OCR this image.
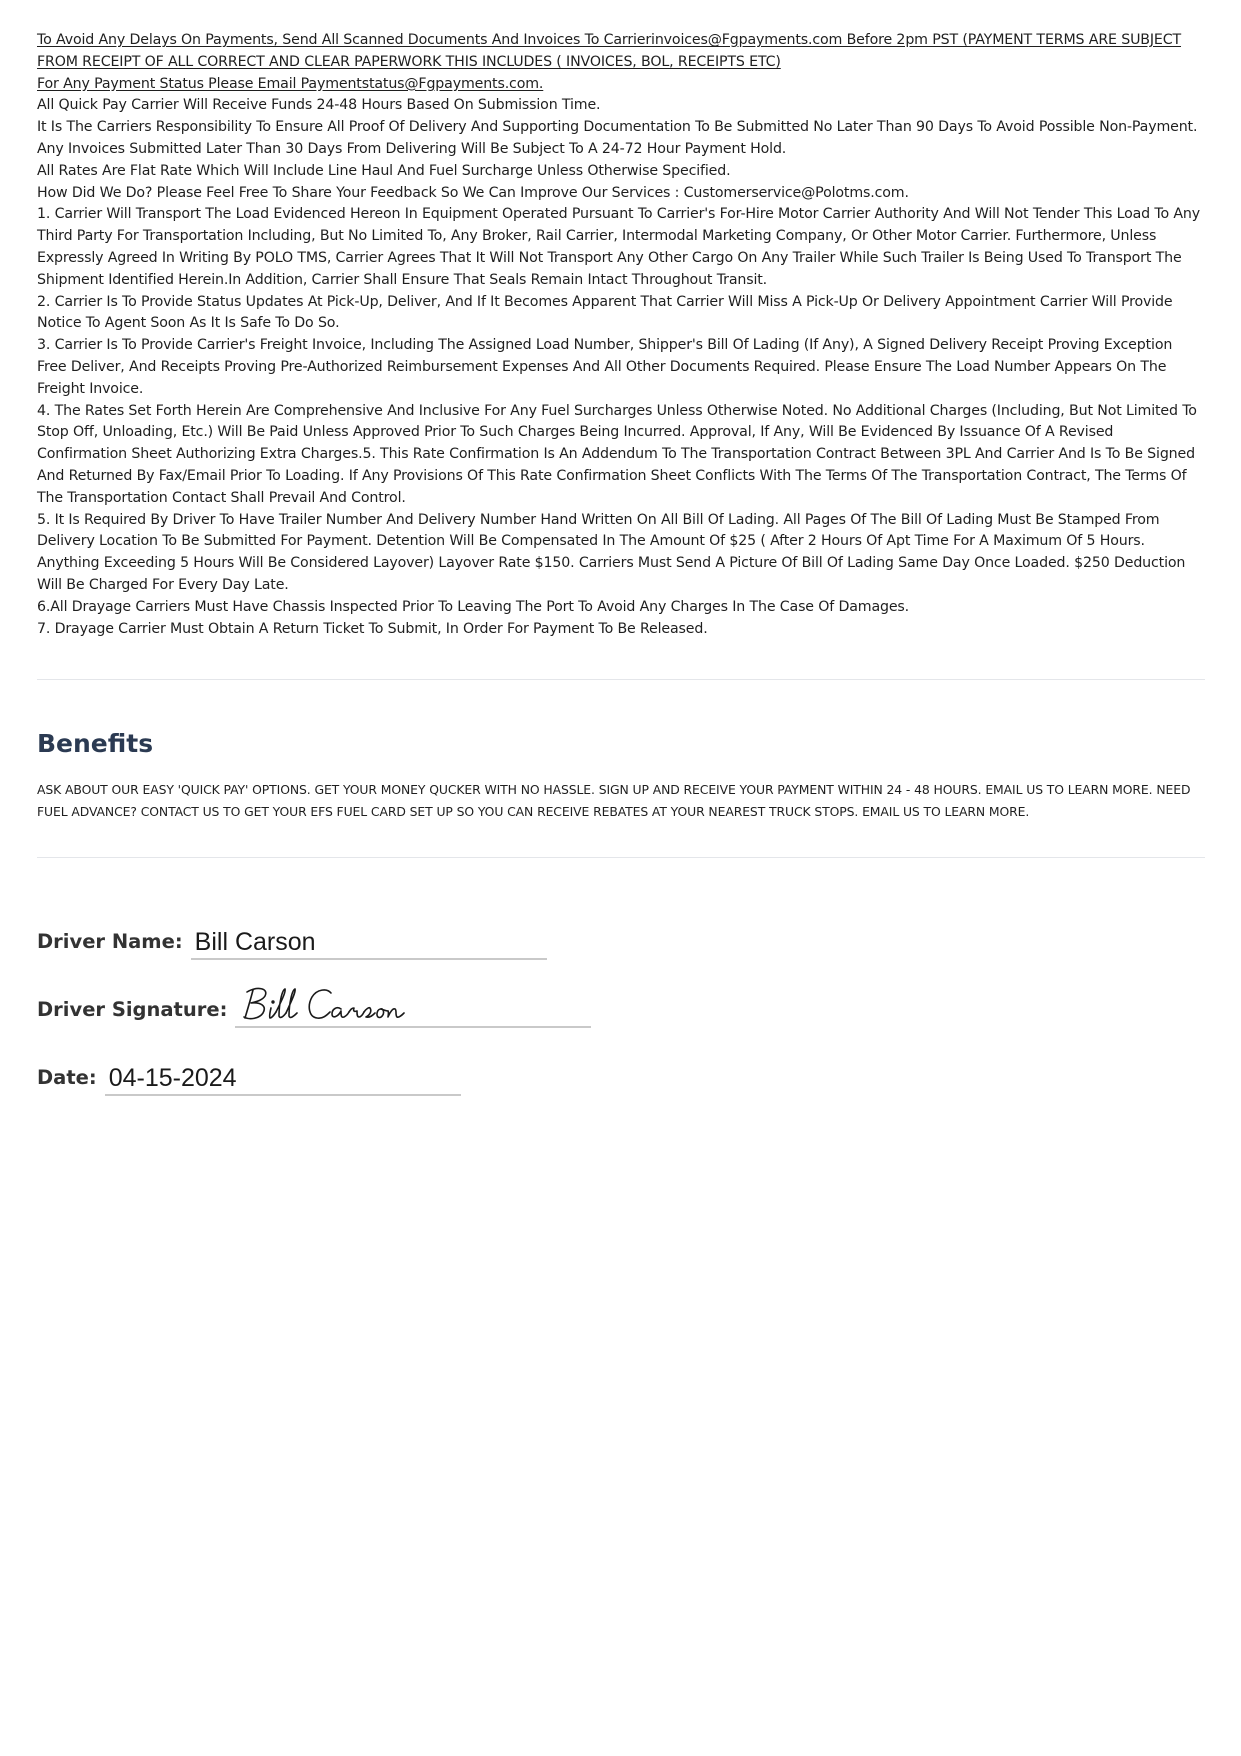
To Avoid Any Delays On Payments, Send All Scanned Documents And Invoices To Carrierinvoices@Fgpayments.com Before 2pm PST (PAYMENT TERMS ARE SUBJECT FROM RECEIPT OF ALL CORRECT AND CLEAR PAPERWORK THIS INCLUDES ( INVOICES, BOL, RECEIPTS ETC)

For Any Payment Status Please Email Paymentstatus@Fgpayments.com.

All Quick Pay Carrier Will Receive Funds 24-48 Hours Based On Submission Time.

It Is The Carriers Responsibility To Ensure All Proof Of Delivery And Supporting Documentation To Be Submitted No Later Than 90 Days To Avoid Possible Non-Payment.

Any Invoices Submitted Later Than 30 Days From Delivering Will Be Subject To A 24-72 Hour Payment Hold.

All Rates Are Flat Rate Which Will Include Line Haul And Fuel Surcharge Unless Otherwise Specified.

How Did We Do? Please Feel Free To Share Your Feedback So We Can Improve Our Services : Customerservice@Polotms.com.

1. Carrier Will Transport The Load Evidenced Hereon In Equipment Operated Pursuant To Carrier's For-Hire Motor Carrier Authority And Will Not Tender This Load To Any Third Party For Transportation Including, But No Limited To, Any Broker, Rail Carrier, Intermodal Marketing Company, Or Other Motor Carrier. Furthermore, Unless Expressly Agreed In Writing By POLO TMS, Carrier Agrees That It Will Not Transport Any Other Cargo On Any Trailer While Such Trailer Is Being Used To Transport The Shipment Identified Herein.In Addition, Carrier Shall Ensure That Seals Remain Intact Throughout Transit.

2. Carrier Is To Provide Status Updates At Pick-Up, Deliver, And If It Becomes Apparent That Carrier Will Miss A Pick-Up Or Delivery Appointment Carrier Will Provide Notice To Agent Soon As It Is Safe To Do So.

3. Carrier Is To Provide Carrier's Freight Invoice, Including The Assigned Load Number, Shipper's Bill Of Lading (If Any), A Signed Delivery Receipt Proving Exception Free Deliver, And Receipts Proving Pre-Authorized Reimbursement Expenses And All Other Documents Required. Please Ensure The Load Number Appears On The Freight Invoice.

4. The Rates Set Forth Herein Are Comprehensive And Inclusive For Any Fuel Surcharges Unless Otherwise Noted. No Additional Charges (Including, But Not Limited To Stop Off, Unloading, Etc.) Will Be Paid Unless Approved Prior To Such Charges Being Incurred. Approval, If Any, Will Be Evidenced By Issuance Of A Revised Confirmation Sheet Authorizing Extra Charges.5. This Rate Confirmation Is An Addendum To The Transportation Contract Between 3PL And Carrier And Is To Be Signed And Returned By Fax/Email Prior To Loading. If Any Provisions Of This Rate Confirmation Sheet Conflicts With The Terms Of The Transportation Contract, The Terms Of The Transportation Contact Shall Prevail And Control.

5. It Is Required By Driver To Have Trailer Number And Delivery Number Hand Written On All Bill Of Lading. All Pages Of The Bill Of Lading Must Be Stamped From Delivery Location To Be Submitted For Payment. Detention Will Be Compensated In The Amount Of $25 ( After 2 Hours Of Apt Time For A Maximum Of 5 Hours. Anything Exceeding 5 Hours Will Be Considered Layover) Layover Rate $150. Carriers Must Send A Picture Of Bill Of Lading Same Day Once Loaded. $250 Deduction Will Be Charged For Every Day Late.

6.All Drayage Carriers Must Have Chassis Inspected Prior To Leaving The Port To Avoid Any Charges In The Case Of Damages.

7. Drayage Carrier Must Obtain A Return Ticket To Submit, In Order For Payment To Be Released.

Benefits

ASK ABOUT OUR EASY 'QUICK PAY' OPTIONS. GET YOUR MONEY QUCKER WITH NO HASSLE. SIGN UP AND RECEIVE YOUR PAYMENT WITHIN 24 - 48 HOURS. EMAIL US TO LEARN MORE. NEED FUEL ADVANCE? CONTACT US TO GET YOUR EFS FUEL CARD SET UP SO YOU CAN RECEIVE REBATES AT YOUR NEAREST TRUCK STOPS. EMAIL US TO LEARN MORE.

Driver Name: Bill Carson
Driver Signature:
Date: 04-15-2024
